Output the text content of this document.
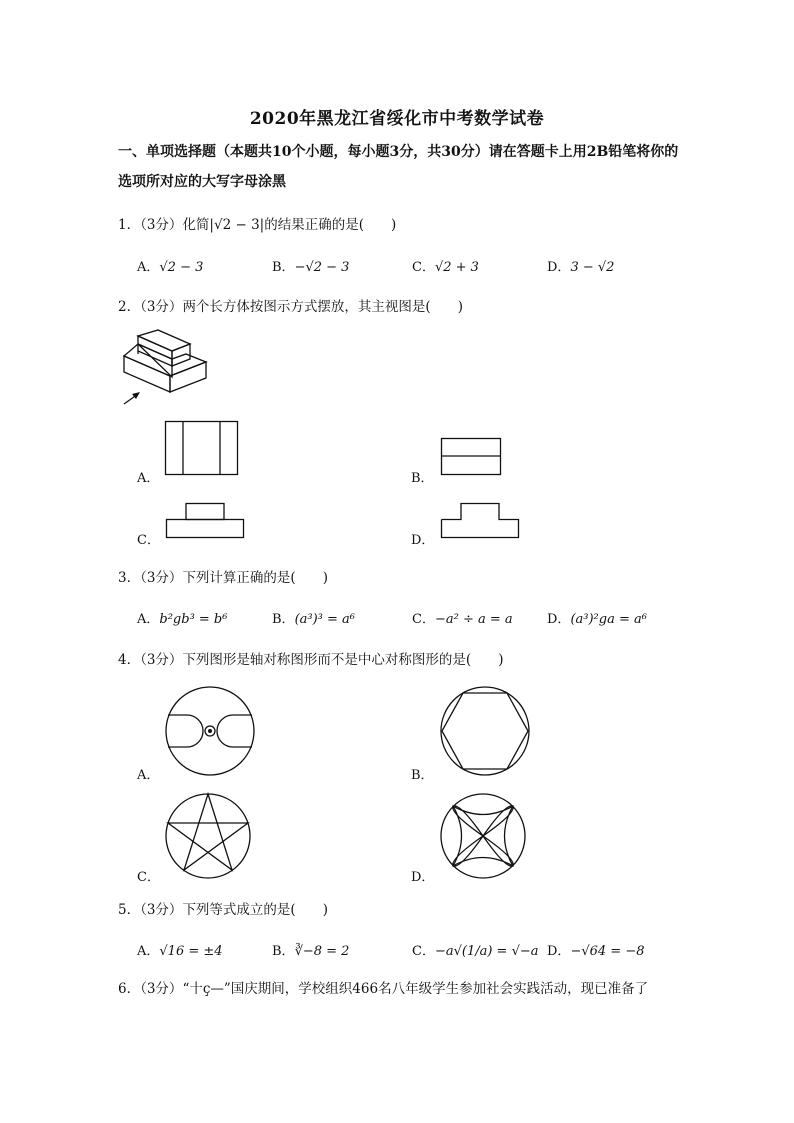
2020年黑龙江省绥化市中考数学试卷
一、单项选择题（本题共10个小题，每小题3分，共30分）请在答题卡上用2B铅笔将你的选项所对应的大写字母涂黑
1．（3分）化简|√2 − 3|的结果正确的是(　　)
A．√2 − 3	B．−√2 − 3	C．√2 + 3	D．3 − √2
2．（3分）两个长方体按图示方式摆放，其主视图是(　　)
A．	B．
C．	D．
3．（3分）下列计算正确的是(　　)
A．b²gb³ = b⁶	B．(a³)³ = a⁶	C．−a² ÷ a = a	D．(a³)²ga = a⁶
4．（3分）下列图形是轴对称图形而不是中心对称图形的是(　　)
A．	B．
C．	D．
5．（3分）下列等式成立的是(　　)
A．√16 = ±4	B．∛−8 = 2	C．−a√(1/a) = √−a D．−√64 = −8
6．（3分）“十ç—”国庆期间，学校组织466名八年级学生参加社会实践活动，现已准备了
